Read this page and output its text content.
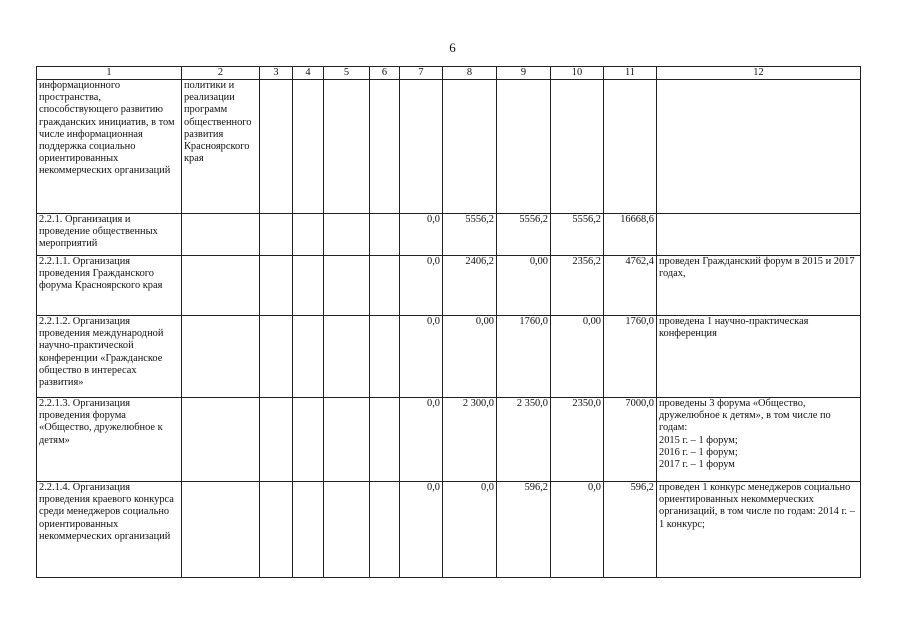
6
1	2	3	4	5	6	7	8	9	10	11	12
информационного пространства, способствующего развитию гражданских инициатив, в том числе информационная поддержка социально ориентированных некоммерческих организаций	политики и реализации программ общественного развития Красноярского края										
2.2.1. Организация и проведение общественных мероприятий						0,0	5556,2	5556,2	5556,2	16668,6	
2.2.1.1. Организация проведения Гражданского форума Красноярского края						0,0	2406,2	0,00	2356,2	4762,4	проведен Гражданский форум в 2015 и 2017 годах,

2.2.1.2. Организация проведения международной научно-практической конференции «Гражданское общество в интересах развития»						0,0	0,00	1760,0	0,00	1760,0	проведена 1 научно-практическая конференция

2.2.1.3. Организация проведения форума «Общество, дружелюбное к детям»						0,0	2 300,0	2 350,0	2350,0	7000,0	проведены 3 форума «Общество, дружелюбное к детям», в том числе по годам:
2015 г. – 1 форум;
2016 г. – 1 форум;
2017 г. – 1 форум

2.2.1.4. Организация проведения краевого конкурса среди менеджеров социально ориентированных некоммерческих организаций						0,0	0,0	596,2	0,0	596,2	проведен 1 конкурс менеджеров социально ориентированных некоммерческих организаций, в том числе по годам: 2014 г. – 1 конкурс;
